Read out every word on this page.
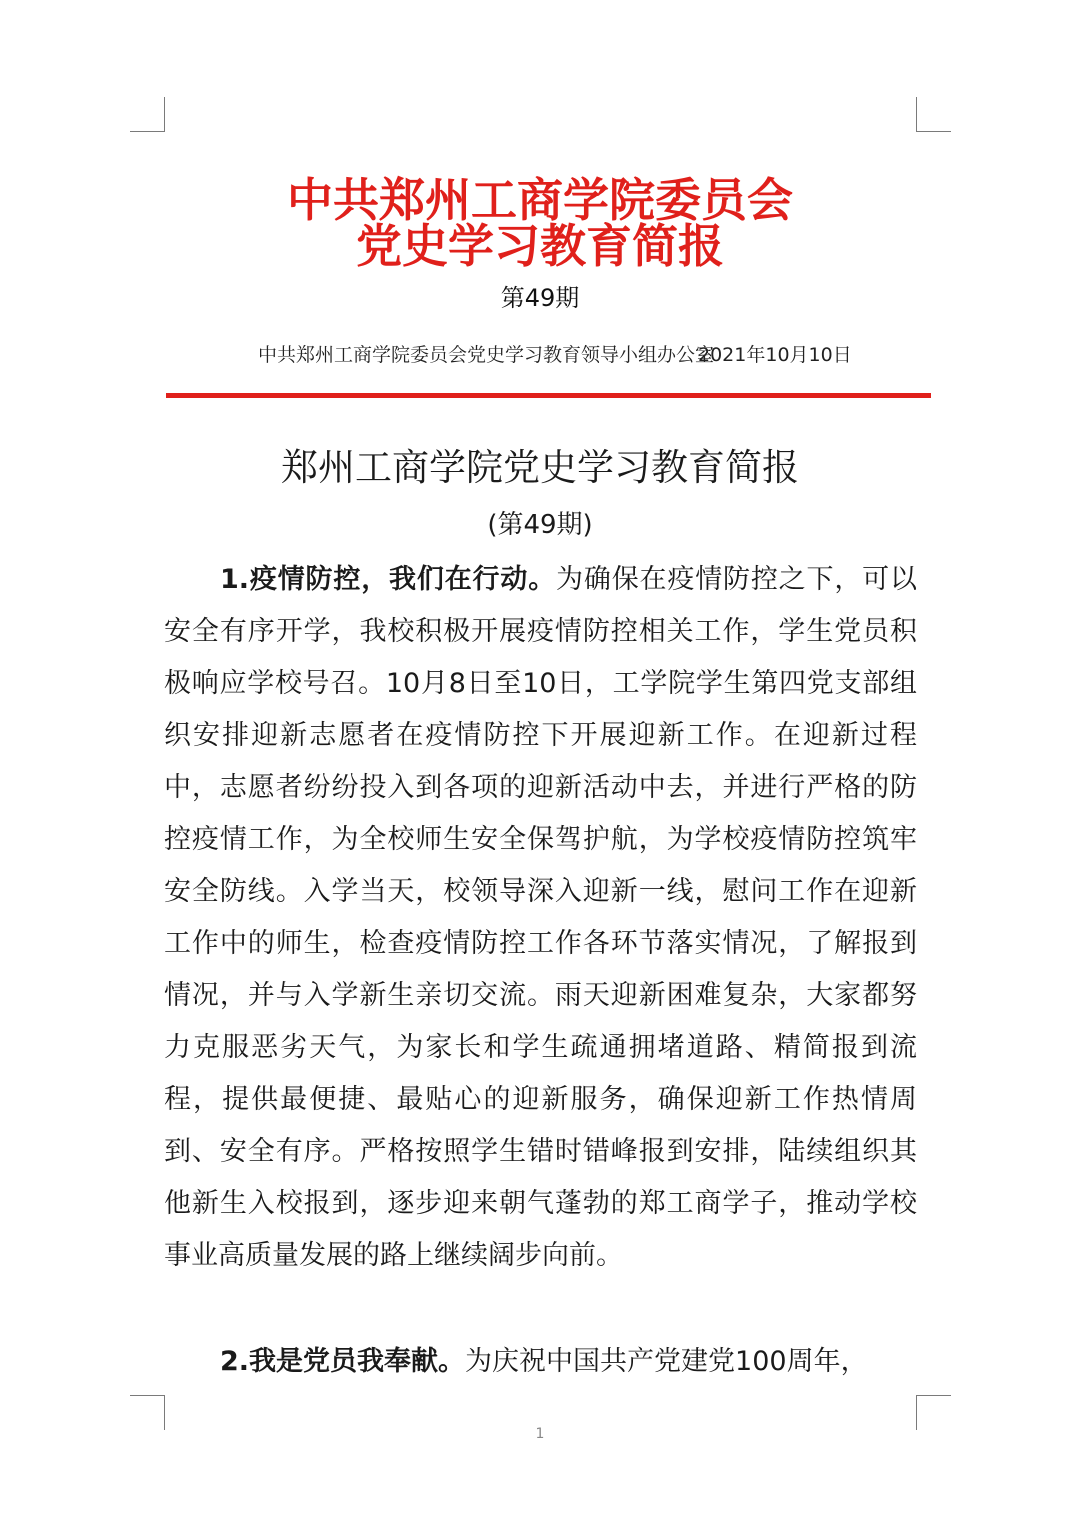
中共郑州工商学院委员会
党史学习教育简报
第49期
中共郑州工商学院委员会党史学习教育领导小组办公室
2021年10月10日
郑州工商学院党史学习教育简报
(第49期)

1.疫情防控，我们在行动。为确保在疫情防控之下，可以安全有序开学，我校积极开展疫情防控相关工作，学生党员积极响应学校号召。10月8日至10日，工学院学生第四党支部组织安排迎新志愿者在疫情防控下开展迎新工作。在迎新过程中，志愿者纷纷投入到各项的迎新活动中去，并进行严格的防控疫情工作，为全校师生安全保驾护航，为学校疫情防控筑牢安全防线。入学当天，校领导深入迎新一线，慰问工作在迎新工作中的师生，检查疫情防控工作各环节落实情况，了解报到情况，并与入学新生亲切交流。雨天迎新困难复杂，大家都努力克服恶劣天气，为家长和学生疏通拥堵道路、精简报到流程，提供最便捷、最贴心的迎新服务，确保迎新工作热情周到、安全有序。严格按照学生错时错峰报到安排，陆续组织其他新生入校报到，逐步迎来朝气蓬勃的郑工商学子，推动学校事业高质量发展的路上继续阔步向前。

2.我是党员我奉献。为庆祝中国共产党建党100周年，

1
